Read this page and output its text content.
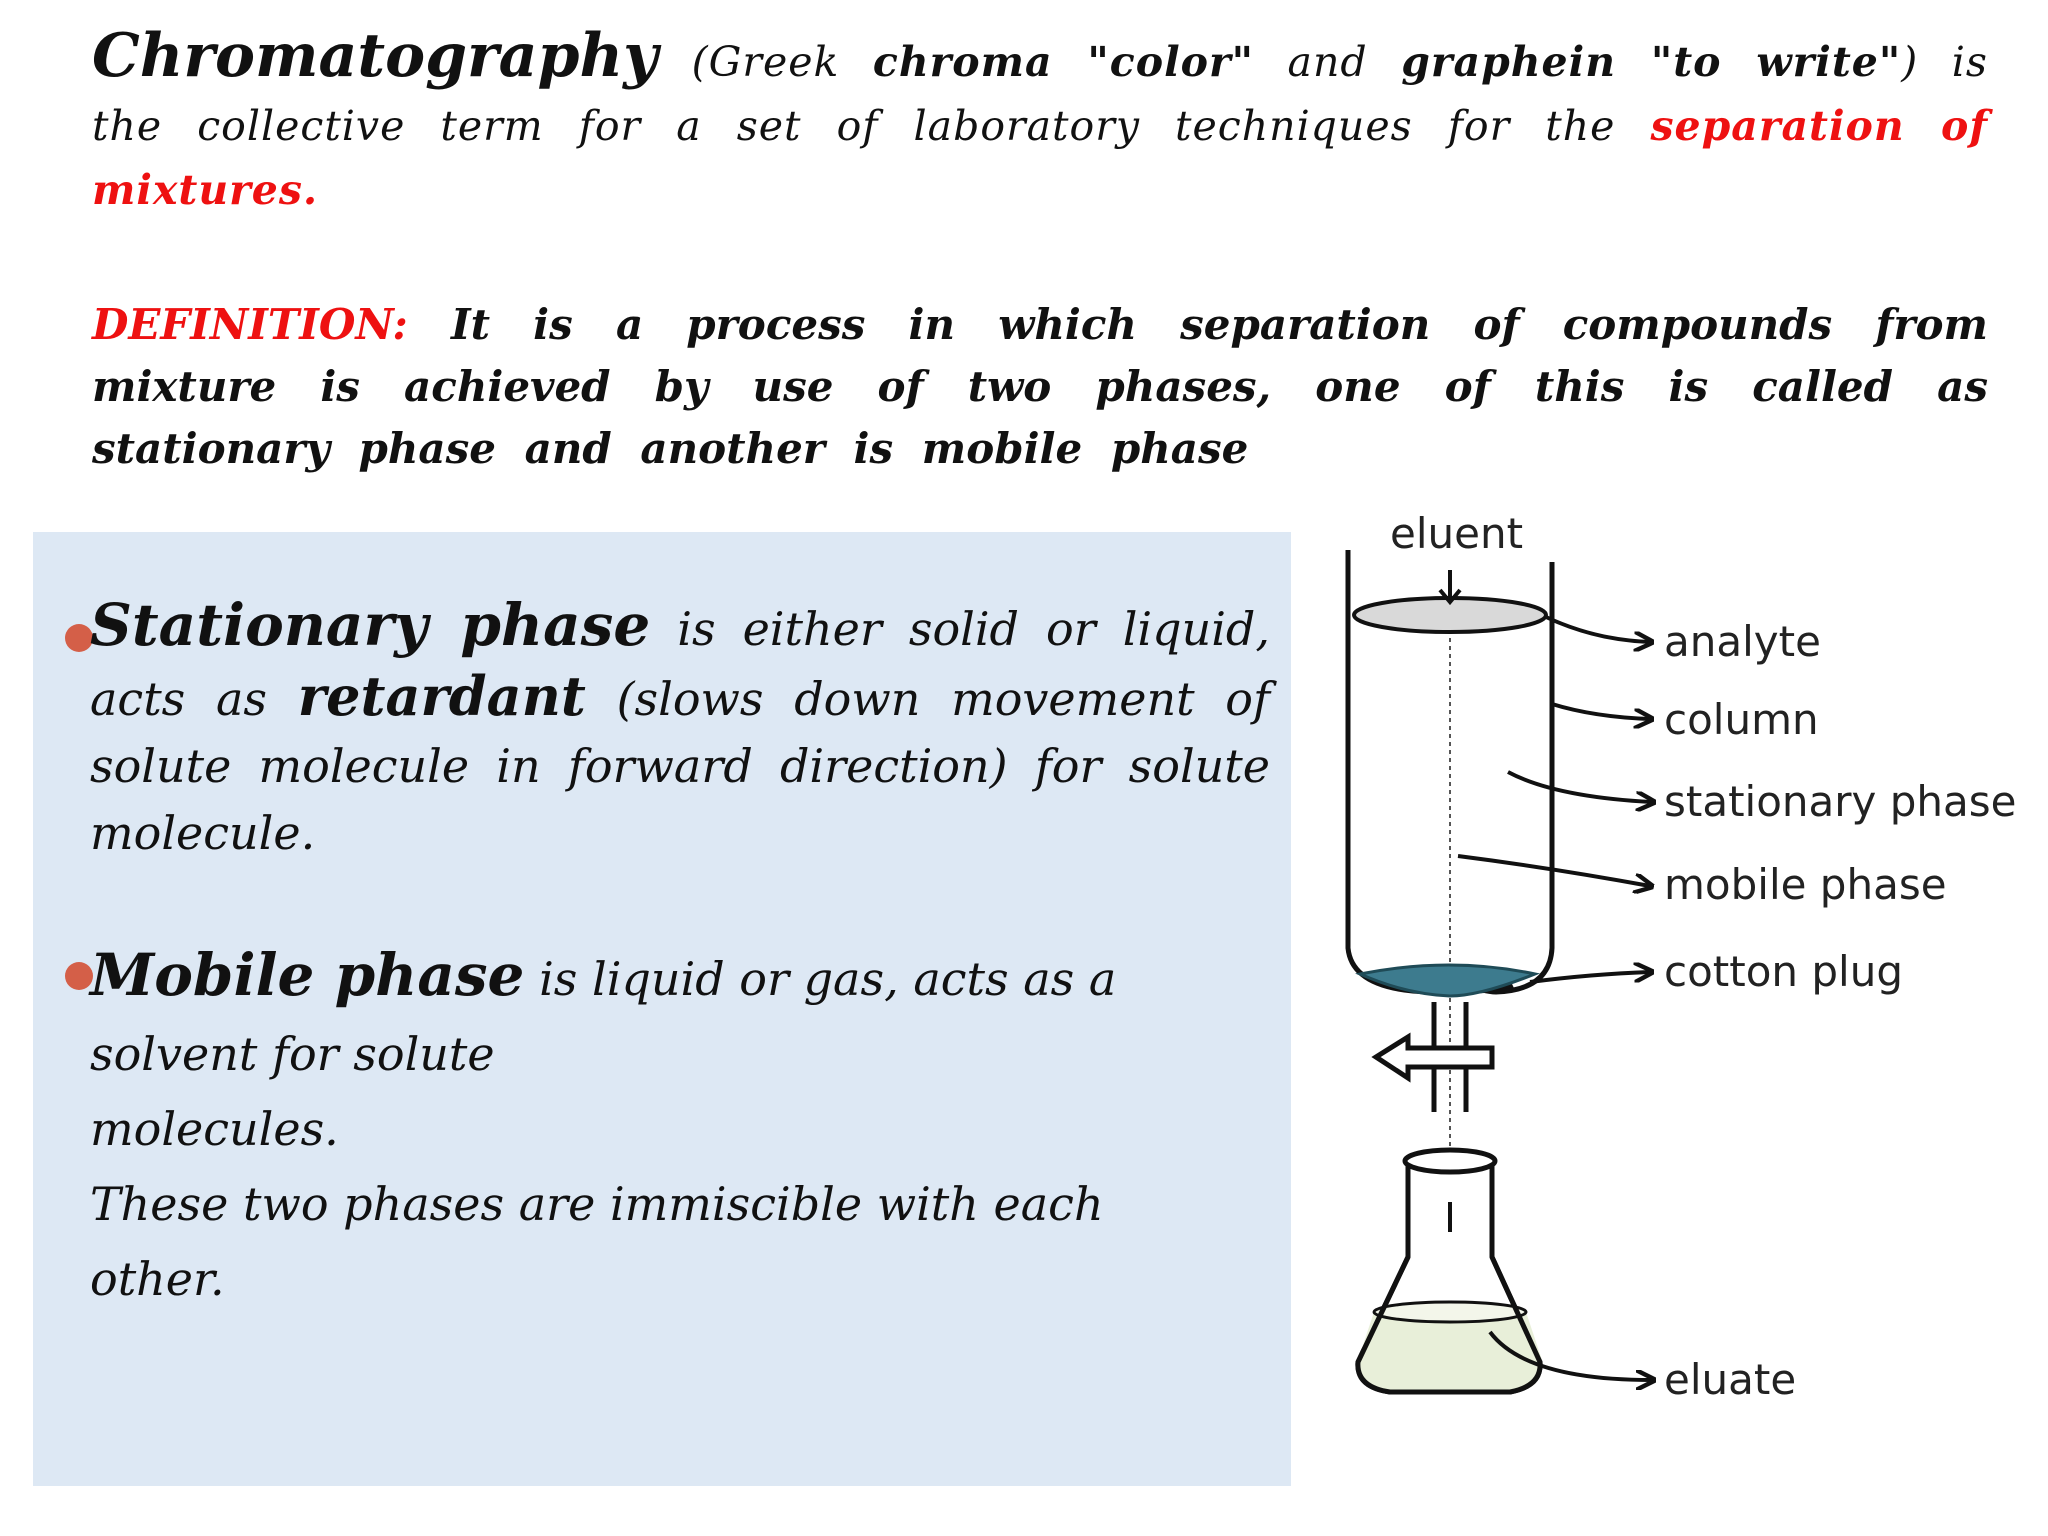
Chromatography (Greek chroma "color" and graphein "to write") is the collective term for a set of laboratory techniques for the separation of mixtures.
DEFINITION: It is a process in which separation of compounds from mixture is achieved by use of two phases, one of this is called as stationary phase and another is mobile phase
Stationary phase is either solid or liquid, acts as retardant (slows down movement of solute molecule in forward direction) for solute molecule.
Mobile phase is liquid or gas, acts as a
solvent for solute
molecules.
These two phases are immiscible with each
other.
eluent
analyte
column
stationary phase
mobile phase
cotton plug
eluate
